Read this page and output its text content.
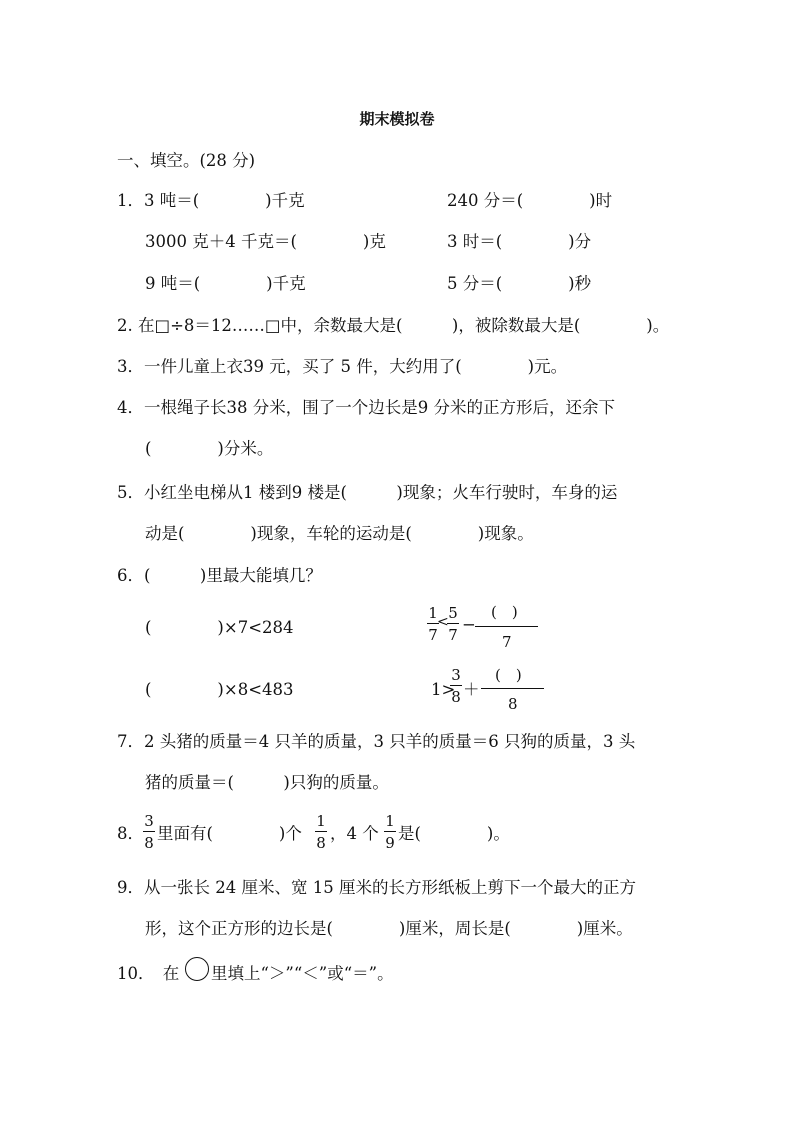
期末模拟卷
一、填空。(28 分)
1．3 吨＝(　　　　)千克	240 分＝(　　　　)时
3000 克＋4 千克＝(　　　　)克	3 时＝(　　　　)分
9 吨＝(　　　　)千克	5 分＝(　　　　)秒
2. 在□÷8＝12……□中，余数最大是(　　　)，被除数最大是(　　　　)。
3．一件儿童上衣39 元，买了 5 件，大约用了(　　　　)元。
4．一根绳子长38 分米，围了一个边长是9 分米的正方形后，还余下
(　　　　)分米。
5．小红坐电梯从1 楼到9 楼是(　　　)现象；火车行驶时，车身的运
动是(　　　　)现象，车轮的运动是(　　　　)现象。
6．(　　　)里最大能填几？
(　　　　)×7<284
(　　　　)×8<483
1
7
< 5
7
−
(　)
7
1>
3
8 ＋
(　)
8
7．2 头猪的质量＝4 只羊的质量，3 只羊的质量＝6 只狗的质量，3 头
猪的质量＝(　　　)只狗的质量。
8．
3
8 里面有(　　　　)个
1
8 ，4 个
1
9 是(　　　　)。
9．从一张长 24 厘米、宽 15 厘米的长方形纸板上剪下一个最大的正方
形，这个正方形的边长是(　　　　)厘米，周长是(　　　　)厘米。
10．　在 里填上“＞”“＜”或“＝”。
